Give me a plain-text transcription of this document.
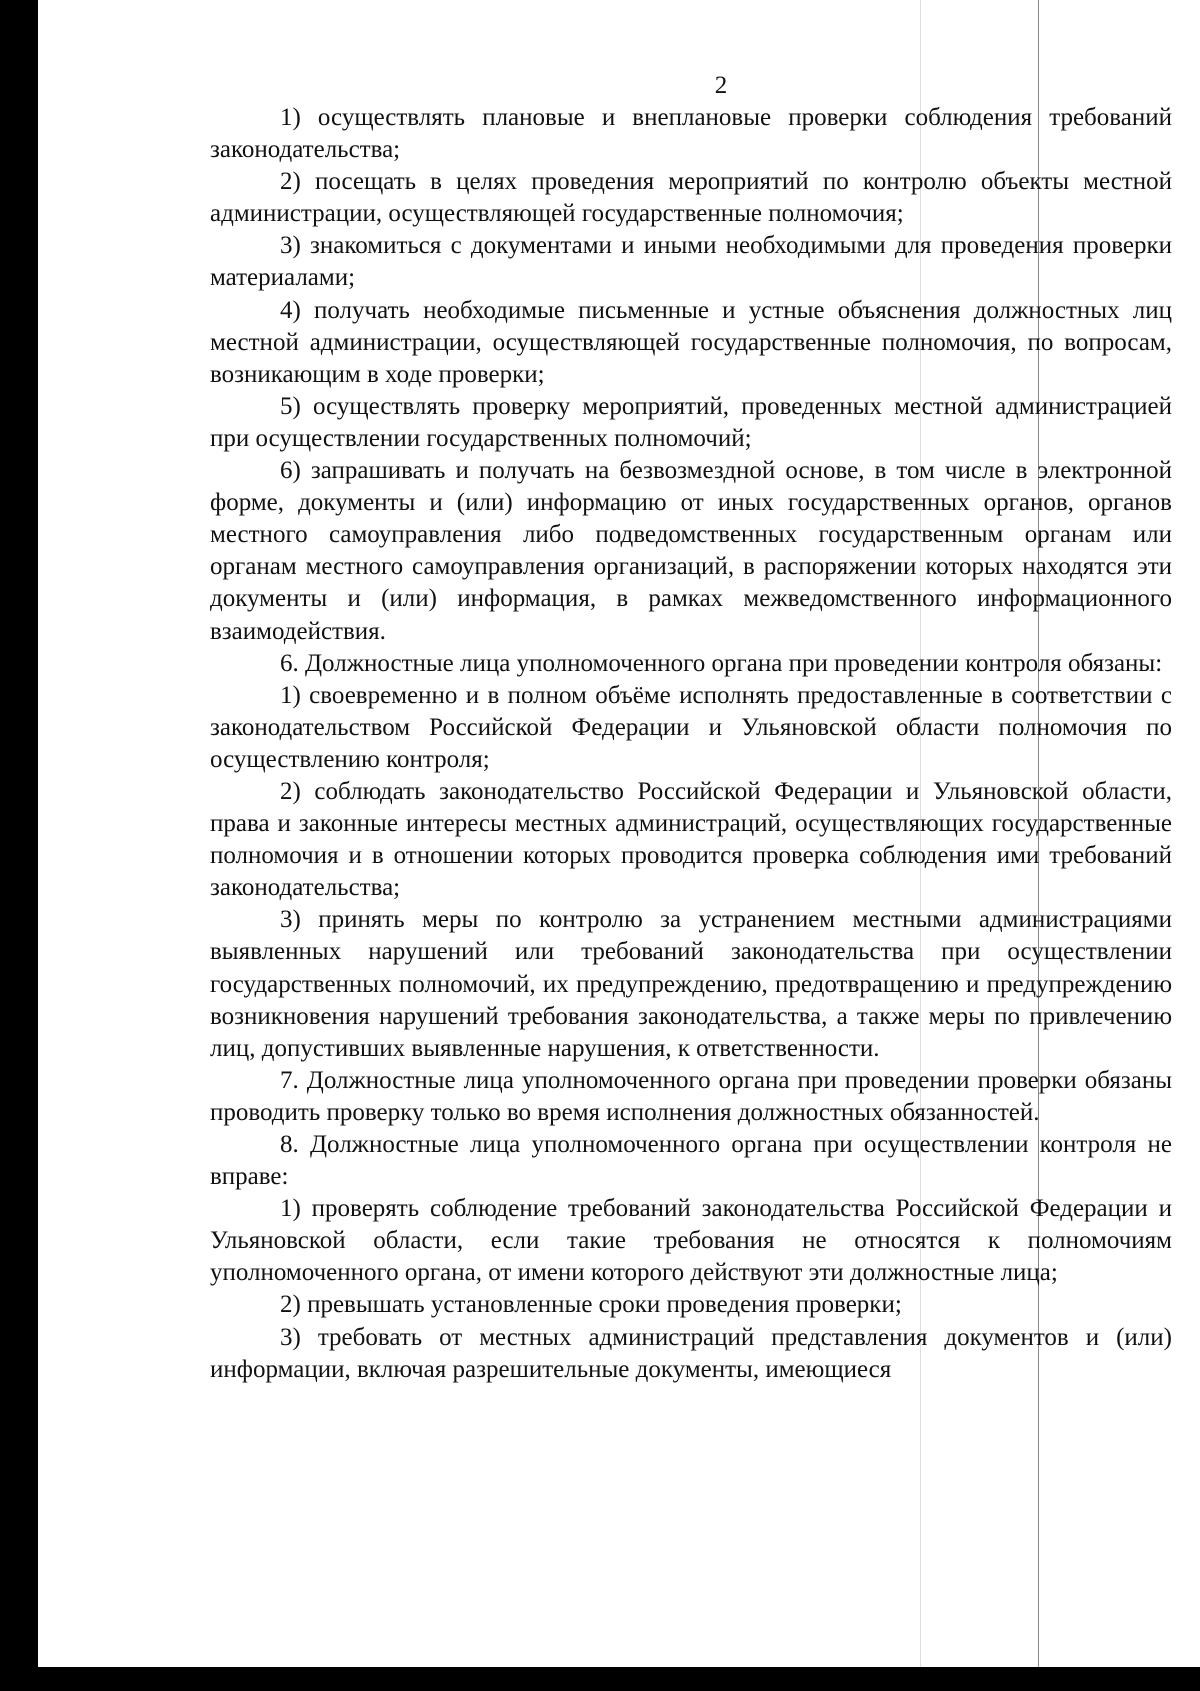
2

1) осуществлять плановые и внеплановые проверки соблюдения требований законодательства;

2) посещать в целях проведения мероприятий по контролю объекты местной администрации, осуществляющей государственные полномочия;

3) знакомиться с документами и иными необходимыми для проведения проверки материалами;

4) получать необходимые письменные и устные объяснения должностных лиц местной администрации, осуществляющей государственные полномочия, по вопросам, возникающим в ходе проверки;

5) осуществлять проверку мероприятий, проведенных местной администрацией при осуществлении государственных полномочий;

6) запрашивать и получать на безвозмездной основе, в том числе в электронной форме, документы и (или) информацию от иных государственных органов, органов местного самоуправления либо подведомственных государственным органам или органам местного самоуправления организаций, в распоряжении которых находятся эти документы и (или) информация, в рамках межведомственного информационного взаимодействия.

6. Должностные лица уполномоченного органа при проведении контроля обязаны:

1) своевременно и в полном объёме исполнять предоставленные в соответствии с законодательством Российской Федерации и Ульяновской области полномочия по осуществлению контроля;

2) соблюдать законодательство Российской Федерации и Ульяновской области, права и законные интересы местных администраций, осуществляющих государственные полномочия и в отношении которых проводится проверка соблюдения ими требований законодательства;

3) принять меры по контролю за устранением местными администрациями выявленных нарушений или требований законодательства при осуществлении государственных полномочий, их предупреждению, предотвращению и предупреждению возникновения нарушений требования законодательства, а также меры по привлечению лиц, допустивших выявленные нарушения, к ответственности.

7. Должностные лица уполномоченного органа при проведении проверки обязаны проводить проверку только во время исполнения должностных обязанностей.

8. Должностные лица уполномоченного органа при осуществлении контроля не вправе:

1) проверять соблюдение требований законодательства Российской Федерации и Ульяновской области, если такие требования не относятся к полномочиям уполномоченного органа, от имени которого действуют эти должностные лица;

2) превышать установленные сроки проведения проверки;

3) требовать от местных администраций представления документов и (или) информации, включая разрешительные документы, имеющиеся
